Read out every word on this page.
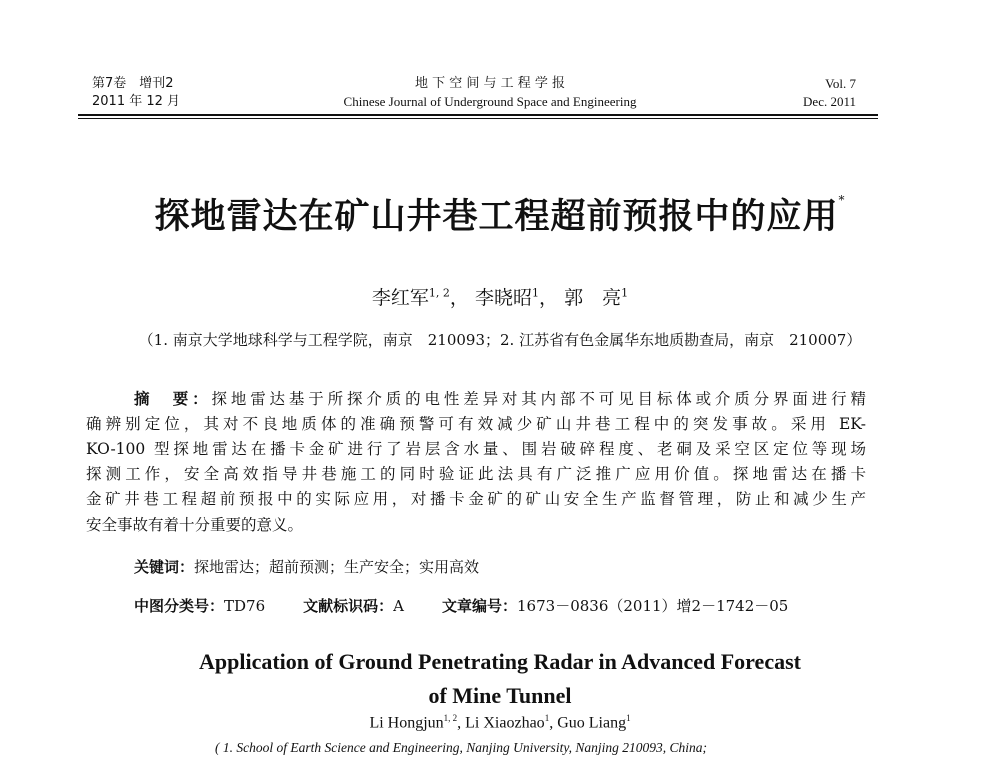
第7卷　增刊2
2011 年 12 月
地 下 空 间 与 工 程 学 报
Chinese Journal of Underground Space and Engineering
Vol. 7
Dec. 2011
探地雷达在矿山井巷工程超前预报中的应用*
李红军$^{1, 2}$， 李晓昭$^1$， 郭　亮$^1$
（1. 南京大学地球科学与工程学院，南京　210093；2. 江苏省有色金属华东地质勘查局，南京　210007）
摘　要：探地雷达基于所探介质的电性差异对其内部不可见目标体或介质分界面进行精
确辨别定位，其对不良地质体的准确预警可有效减少矿山井巷工程中的突发事故。采用 EK-
KO-100 型探地雷达在播卡金矿进行了岩层含水量、围岩破碎程度、老硐及采空区定位等现场
探测工作，安全高效指导井巷施工的同时验证此法具有广泛推广应用价值。探地雷达在播卡
金矿井巷工程超前预报中的实际应用，对播卡金矿的矿山安全生产监督管理，防止和减少生产
安全事故有着十分重要的意义。
关键词：探地雷达；超前预测；生产安全；实用高效
中图分类号：TD76	文献标识码：A	文章编号：1673－0836（2011）增2－1742－05
Application of Ground Penetrating Radar in Advanced Forecast
of Mine Tunnel
Li Hongjun$^{1, 2}$, Li Xiaozhao$^1$, Guo Liang$^1$
( 1. School of Earth Science and Engineering, Nanjing University, Nanjing 210093, China;
